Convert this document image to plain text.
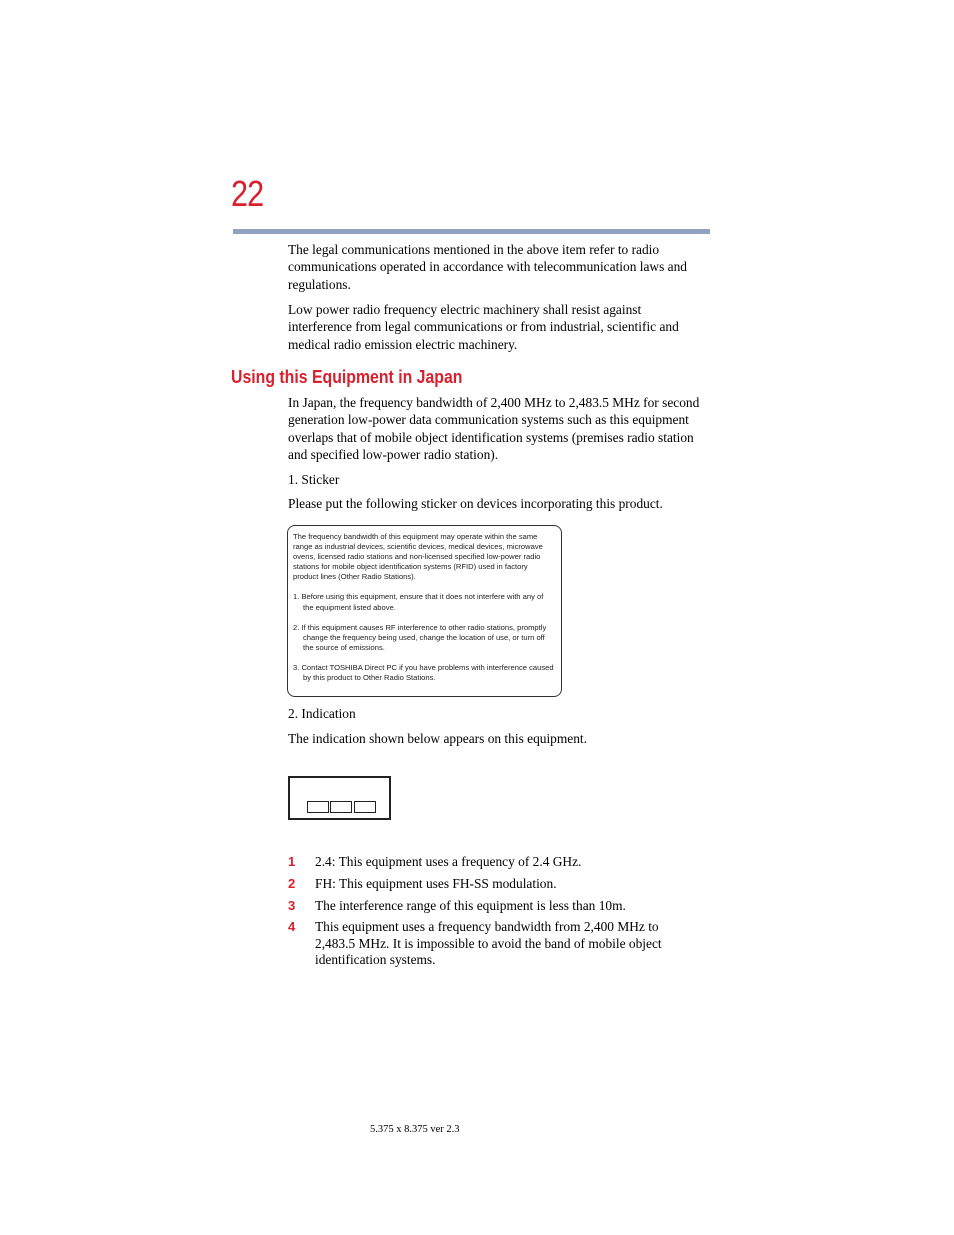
22

The legal communications mentioned in the above item refer to radio communications operated in accordance with telecommunication laws and regulations.

Low power radio frequency electric machinery shall resist against interference from legal communications or from industrial, scientific and medical radio emission electric machinery.

Using this Equipment in Japan

In Japan, the frequency bandwidth of 2,400 MHz to 2,483.5 MHz for second generation low-power data communication systems such as this equipment overlaps that of mobile object identification systems (premises radio station and specified low-power radio station).

1. Sticker

Please put the following sticker on devices incorporating this product.

The frequency bandwidth of this equipment may operate within the same range as industrial devices, scientific devices, medical devices, microwave ovens, licensed radio stations and non-licensed specified low-power radio stations for mobile object identification systems (RFID) used in factory product lines (Other Radio Stations).

1. Before using this equipment, ensure that it does not interfere with any of the equipment listed above.

2. If this equipment causes RF interference to other radio stations, promptly change the frequency being used, change the location of use, or turn off the source of emissions.

3. Contact TOSHIBA Direct PC if you have problems with interference caused by this product to Other Radio Stations.

2. Indication

The indication shown below appears on this equipment.

1 2.4: This equipment uses a frequency of 2.4 GHz.
2 FH: This equipment uses FH-SS modulation.
3 The interference range of this equipment is less than 10m.
4 This equipment uses a frequency bandwidth from 2,400 MHz to 2,483.5 MHz. It is impossible to avoid the band of mobile object identification systems.
5.375 x 8.375 ver 2.3
